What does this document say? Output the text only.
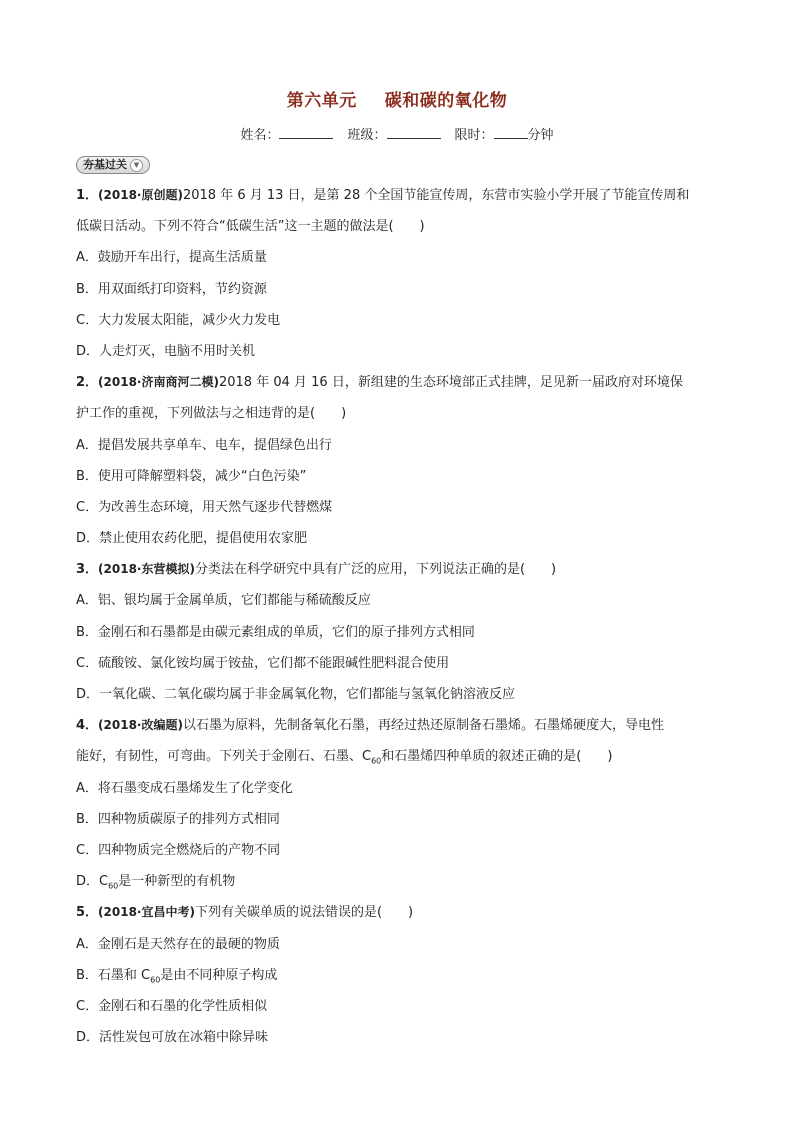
第六单元 碳和碳的氧化物
姓名：	班级：	限时：	分钟
夯基过关 ▼
1．(2018·原创题)2018 年 6 月 13 日，是第 28 个全国节能宣传周，东营市实验小学开展了节能宣传周和
低碳日活动。下列不符合“低碳生活”这一主题的做法是(　　)
A．鼓励开车出行，提高生活质量
B．用双面纸打印资料，节约资源
C．大力发展太阳能，减少火力发电
D．人走灯灭，电脑不用时关机
2．(2018·济南商河二模)2018 年 04 月 16 日，新组建的生态环境部正式挂牌，足见新一届政府对环境保
护工作的重视，下列做法与之相违背的是(　　)
A．提倡发展共享单车、电车，提倡绿色出行
B．使用可降解塑料袋，减少“白色污染”
C．为改善生态环境，用天然气逐步代替燃煤
D．禁止使用农药化肥，提倡使用农家肥
3．(2018·东营模拟)分类法在科学研究中具有广泛的应用，下列说法正确的是(　　)
A．铝、银均属于金属单质，它们都能与稀硫酸反应
B．金刚石和石墨都是由碳元素组成的单质，它们的原子排列方式相同
C．硫酸铵、氯化铵均属于铵盐，它们都不能跟碱性肥料混合使用
D．一氧化碳、二氧化碳均属于非金属氧化物，它们都能与氢氧化钠溶液反应
4．(2018·改编题)以石墨为原料，先制备氧化石墨，再经过热还原制备石墨烯。石墨烯硬度大，导电性
能好，有韧性，可弯曲。下列关于金刚石、石墨、$C_{60}$和石墨烯四种单质的叙述正确的是(　　)
A．将石墨变成石墨烯发生了化学变化
B．四种物质碳原子的排列方式相同
C．四种物质完全燃烧后的产物不同
D．$C_{60}$是一种新型的有机物
5．(2018·宜昌中考)下列有关碳单质的说法错误的是(　　)
A．金刚石是天然存在的最硬的物质
B．石墨和 $C_{60}$是由不同种原子构成
C．金刚石和石墨的化学性质相似
D．活性炭包可放在冰箱中除异味
